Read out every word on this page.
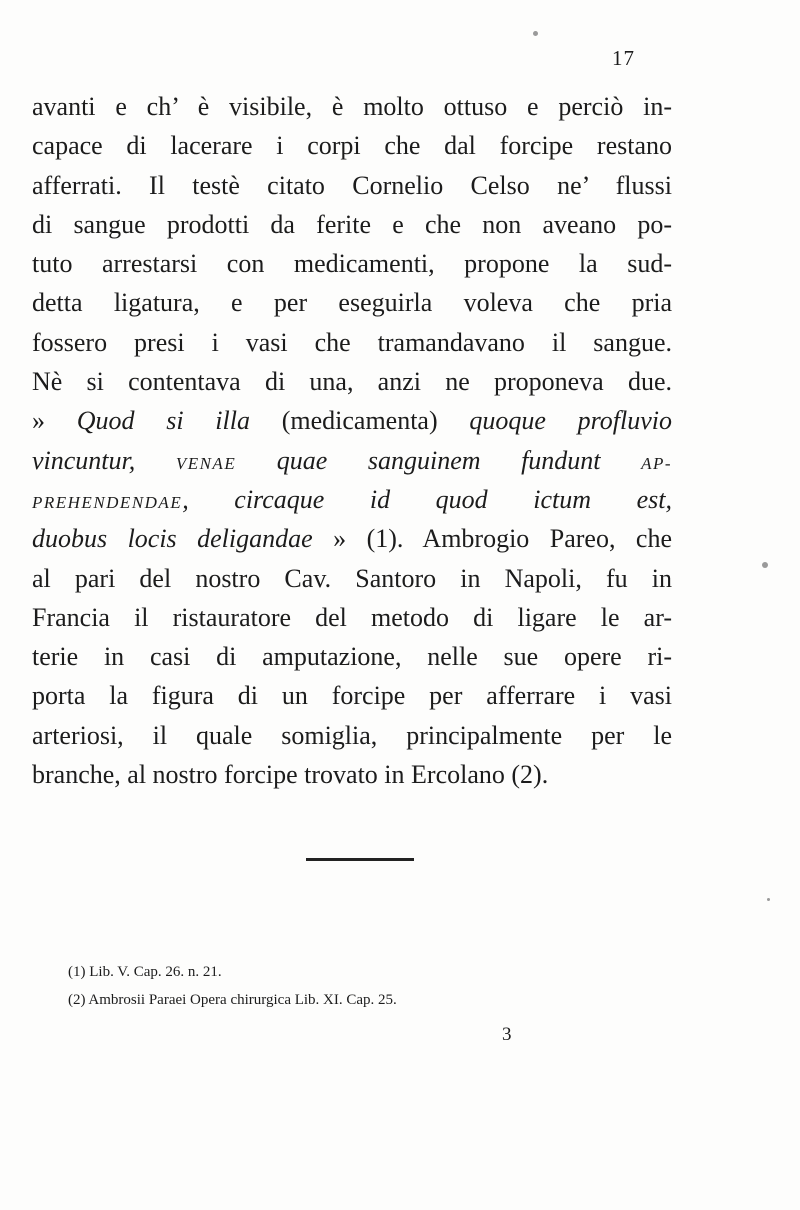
17
avanti e ch’ è visibile, è molto ottuso e perciò in-
capace di lacerare i corpi che dal forcipe restano
afferrati. Il testè citato Cornelio Celso ne’ flussi
di sangue prodotti da ferite e che non aveano po-
tuto arrestarsi con medicamenti, propone la sud-
detta ligatura, e per eseguirla voleva che pria
fossero presi i vasi che tramandavano il sangue.
Nè si contentava di una, anzi ne proponeva due.
» Quod si illa (medicamenta) quoque profluvio
vincuntur, VENAE quae sanguinem fundunt AP-
PREHENDENDAE, circaque id quod ictum est,
duobus locis deligandae » (1). Ambrogio Pareo, che
al pari del nostro Cav. Santoro in Napoli, fu in
Francia il ristauratore del metodo di ligare le ar-
terie in casi di amputazione, nelle sue opere ri-
porta la figura di un forcipe per afferrare i vasi
arteriosi, il quale somiglia, principalmente per le
branche, al nostro forcipe trovato in Ercolano (2).
(1) Lib. V. Cap. 26. n. 21.
(2) Ambrosii Paraei Opera chirurgica Lib. XI. Cap. 25.
3
